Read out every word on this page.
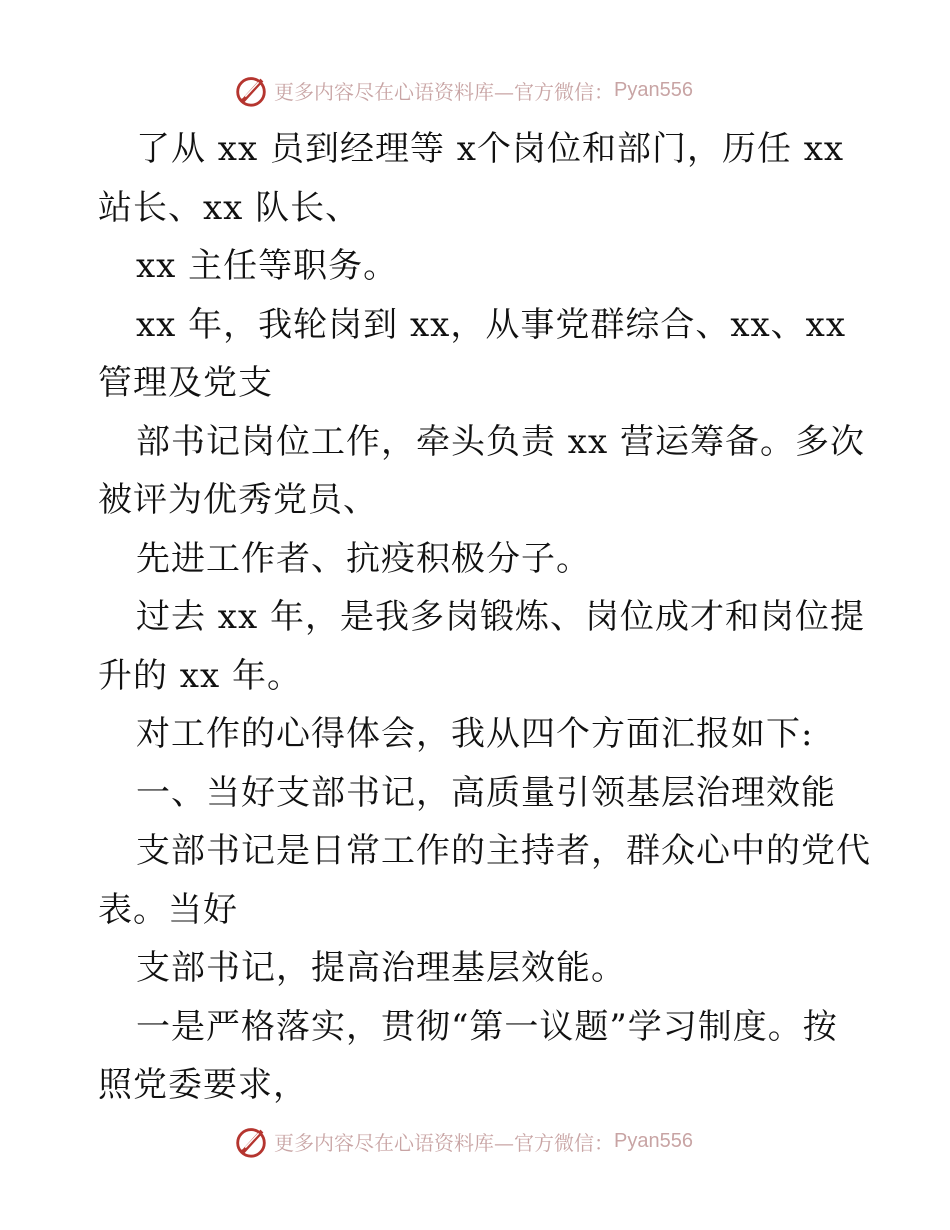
更多内容尽在心语资料库—官方微信： Pyan556
了从 xx 员到经理等 x个岗位和部门，历任 xx
站长、xx 队长、
xx 主任等职务。
xx 年，我轮岗到 xx，从事党群综合、xx、xx
管理及党支
部书记岗位工作，牵头负责 xx 营运筹备。多次
被评为优秀党员、
先进工作者、抗疫积极分子。
过去 xx 年，是我多岗锻炼、岗位成才和岗位提
升的 xx 年。
对工作的心得体会，我从四个方面汇报如下:
一、当好支部书记，高质量引领基层治理效能
支部书记是日常工作的主持者，群众心中的党代
表。当好
支部书记，提高治理基层效能。
一是严格落实，贯彻“第一议题”学习制度。按
照党委要求，
更多内容尽在心语资料库—官方微信： Pyan556
